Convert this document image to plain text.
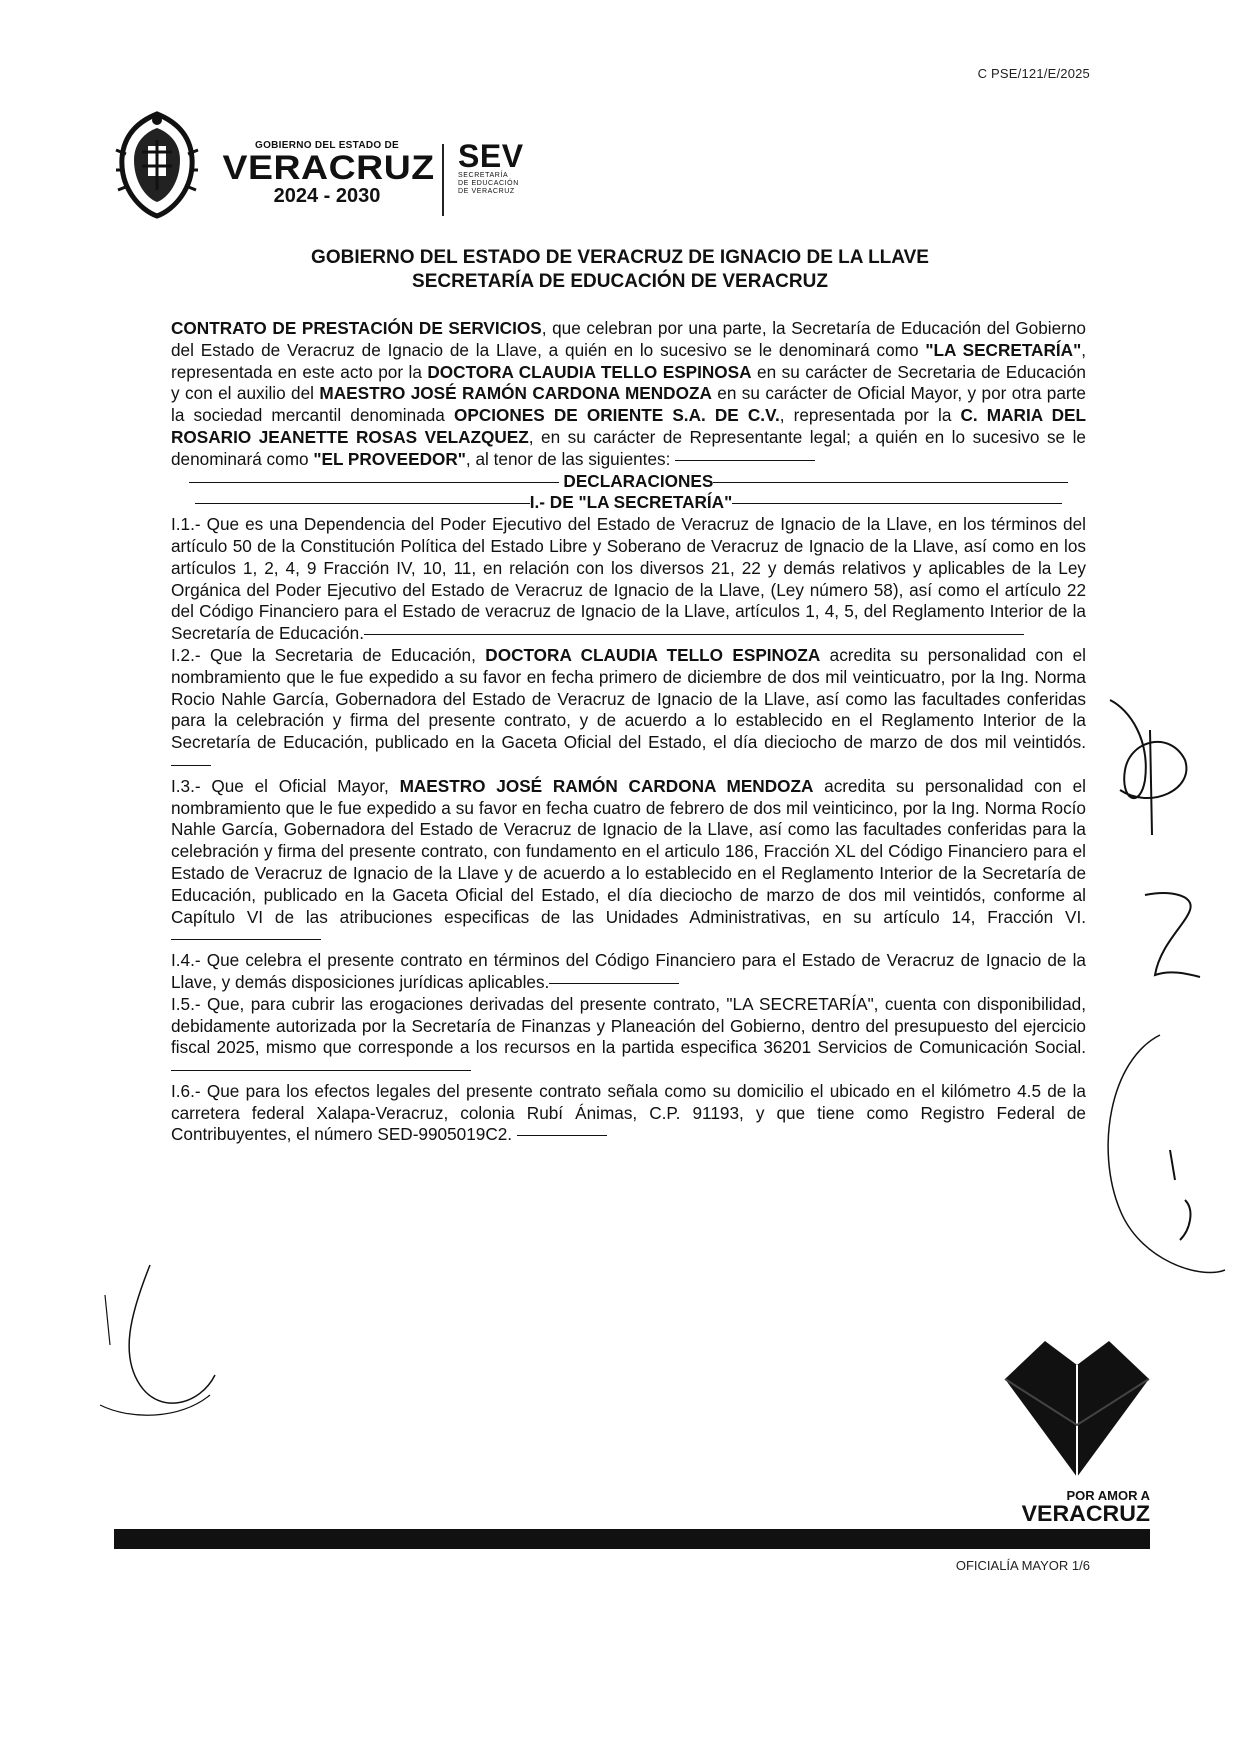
C PSE/121/E/2025
GOBIERNO DEL ESTADO DE
VERACRUZ
2024 - 2030
SEV
SECRETARÍA
DE EDUCACIÓN
DE VERACRUZ
GOBIERNO DEL ESTADO DE VERACRUZ DE IGNACIO DE LA LLAVE
SECRETARÍA DE EDUCACIÓN DE VERACRUZ

CONTRATO DE PRESTACIÓN DE SERVICIOS, que celebran por una parte, la Secretaría de Educación del Gobierno del Estado de Veracruz de Ignacio de la Llave, a quién en lo sucesivo se le denominará como "LA SECRETARÍA", representada en este acto por la DOCTORA CLAUDIA TELLO ESPINOSA en su carácter de Secretaria de Educación y con el auxilio del MAESTRO JOSÉ RAMÓN CARDONA MENDOZA en su carácter de Oficial Mayor, y por otra parte la sociedad mercantil denominada OPCIONES DE ORIENTE S.A. DE C.V., representada por la C. MARIA DEL ROSARIO JEANETTE ROSAS VELAZQUEZ, en su carácter de Representante legal; a quién en lo sucesivo se le denominará como "EL PROVEEDOR", al tenor de las siguientes:

DECLARACIONES

I.- DE "LA SECRETARÍA"

I.1.- Que es una Dependencia del Poder Ejecutivo del Estado de Veracruz de Ignacio de la Llave, en los términos del artículo 50 de la Constitución Política del Estado Libre y Soberano de Veracruz de Ignacio de la Llave, así como en los artículos 1, 2, 4, 9 Fracción IV, 10, 11, en relación con los diversos 21, 22 y demás relativos y aplicables de la Ley Orgánica del Poder Ejecutivo del Estado de Veracruz de Ignacio de la Llave, (Ley número 58), así como el artículo 22 del Código Financiero para el Estado de veracruz de Ignacio de la Llave, artículos 1, 4, 5, del Reglamento Interior de la Secretaría de Educación.

I.2.- Que la Secretaria de Educación, DOCTORA CLAUDIA TELLO ESPINOZA acredita su personalidad con el nombramiento que le fue expedido a su favor en fecha primero de diciembre de dos mil veinticuatro, por la Ing. Norma Rocio Nahle García, Gobernadora del Estado de Veracruz de Ignacio de la Llave, así como las facultades conferidas para la celebración y firma del presente contrato, y de acuerdo a lo establecido en el Reglamento Interior de la Secretaría de Educación, publicado en la Gaceta Oficial del Estado, el día dieciocho de marzo de dos mil veintidós.

I.3.- Que el Oficial Mayor, MAESTRO JOSÉ RAMÓN CARDONA MENDOZA acredita su personalidad con el nombramiento que le fue expedido a su favor en fecha cuatro de febrero de dos mil veinticinco, por la Ing. Norma Rocío Nahle García, Gobernadora del Estado de Veracruz de Ignacio de la Llave, así como las facultades conferidas para la celebración y firma del presente contrato, con fundamento en el articulo 186, Fracción XL del Código Financiero para el Estado de Veracruz de Ignacio de la Llave y de acuerdo a lo establecido en el Reglamento Interior de la Secretaría de Educación, publicado en la Gaceta Oficial del Estado, el día dieciocho de marzo de dos mil veintidós, conforme al Capítulo VI de las atribuciones especificas de las Unidades Administrativas, en su artículo 14, Fracción VI.

I.4.- Que celebra el presente contrato en términos del Código Financiero para el Estado de Veracruz de Ignacio de la Llave, y demás disposiciones jurídicas aplicables.

I.5.- Que, para cubrir las erogaciones derivadas del presente contrato, "LA SECRETARÍA", cuenta con disponibilidad, debidamente autorizada por la Secretaría de Finanzas y Planeación del Gobierno, dentro del presupuesto del ejercicio fiscal 2025, mismo que corresponde a los recursos en la partida especifica 36201 Servicios de Comunicación Social.

I.6.- Que para los efectos legales del presente contrato señala como su domicilio el ubicado en el kilómetro 4.5 de la carretera federal Xalapa-Veracruz, colonia Rubí Ánimas, C.P. 91193, y que tiene como Registro Federal de Contribuyentes, el número SED-9905019C2.

POR AMOR A
VERACRUZ
OFICIALÍA MAYOR 1/6
